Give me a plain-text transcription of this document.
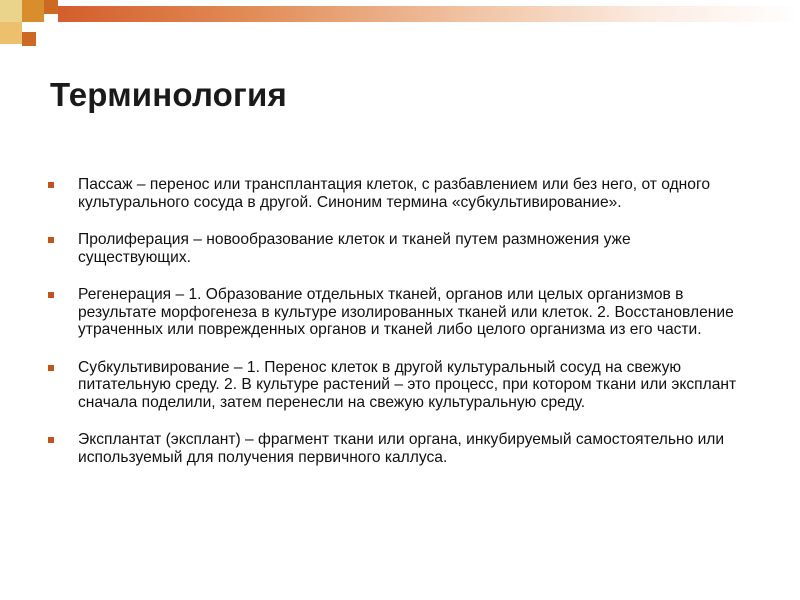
Терминология
Пассаж – перенос или трансплантация клеток, с разбавлением или без него, от одного культурального сосуда в другой. Синоним термина «субкультивирование».
Пролиферация – новообразование клеток и тканей путем размножения уже существующих.
Регенерация – 1. Образование отдельных тканей, органов или целых организмов в результате морфогенеза в культуре изолированных тканей или клеток. 2. Восстановление утраченных или поврежденных органов и тканей либо целого организма из его части.
Субкультивирование – 1. Перенос клеток в другой культуральный сосуд на свежую питательную среду. 2. В культуре растений – это процесс, при котором ткани или эксплант сначала поделили, затем перенесли на свежую культуральную среду.
Эксплантат (эксплант) – фрагмент ткани или органа, инкубируемый самостоятельно или используемый для получения первичного каллуса.
